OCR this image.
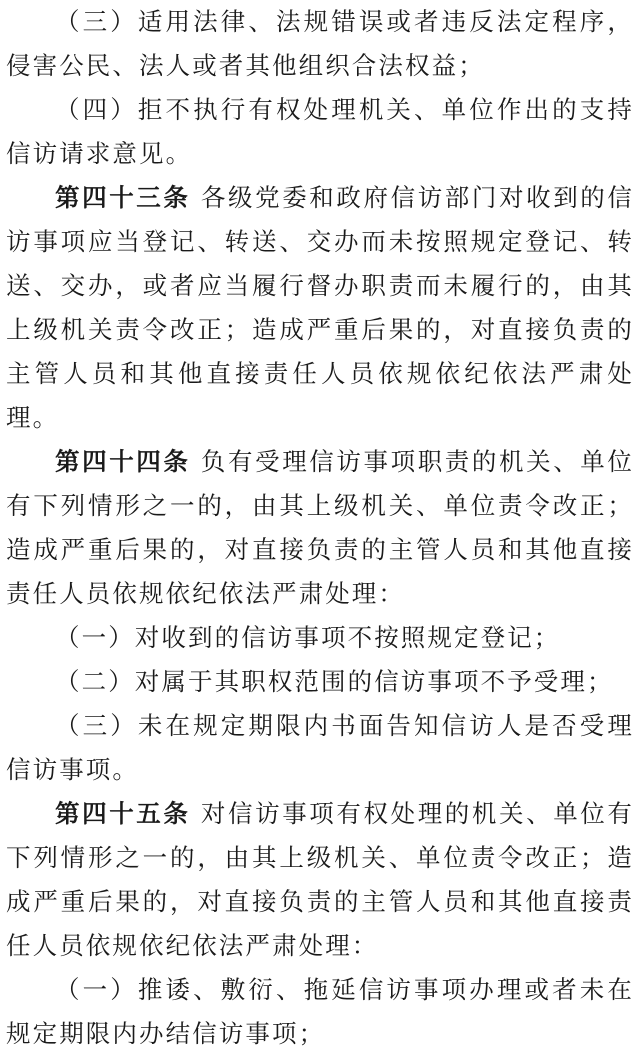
（三）适用法律、法规错误或者违反法定程序，侵害公民、法人或者其他组织合法权益；

（四）拒不执行有权处理机关、单位作出的支持信访请求意见。

第四十三条 各级党委和政府信访部门对收到的信访事项应当登记、转送、交办而未按照规定登记、转送、交办，或者应当履行督办职责而未履行的，由其上级机关责令改正；造成严重后果的，对直接负责的主管人员和其他直接责任人员依规依纪依法严肃处理。

第四十四条 负有受理信访事项职责的机关、单位有下列情形之一的，由其上级机关、单位责令改正；造成严重后果的，对直接负责的主管人员和其他直接责任人员依规依纪依法严肃处理：

（一）对收到的信访事项不按照规定登记；

（二）对属于其职权范围的信访事项不予受理；

（三）未在规定期限内书面告知信访人是否受理信访事项。

第四十五条 对信访事项有权处理的机关、单位有下列情形之一的，由其上级机关、单位责令改正；造成严重后果的，对直接负责的主管人员和其他直接责任人员依规依纪依法严肃处理：

（一）推诿、敷衍、拖延信访事项办理或者未在规定期限内办结信访事项；
